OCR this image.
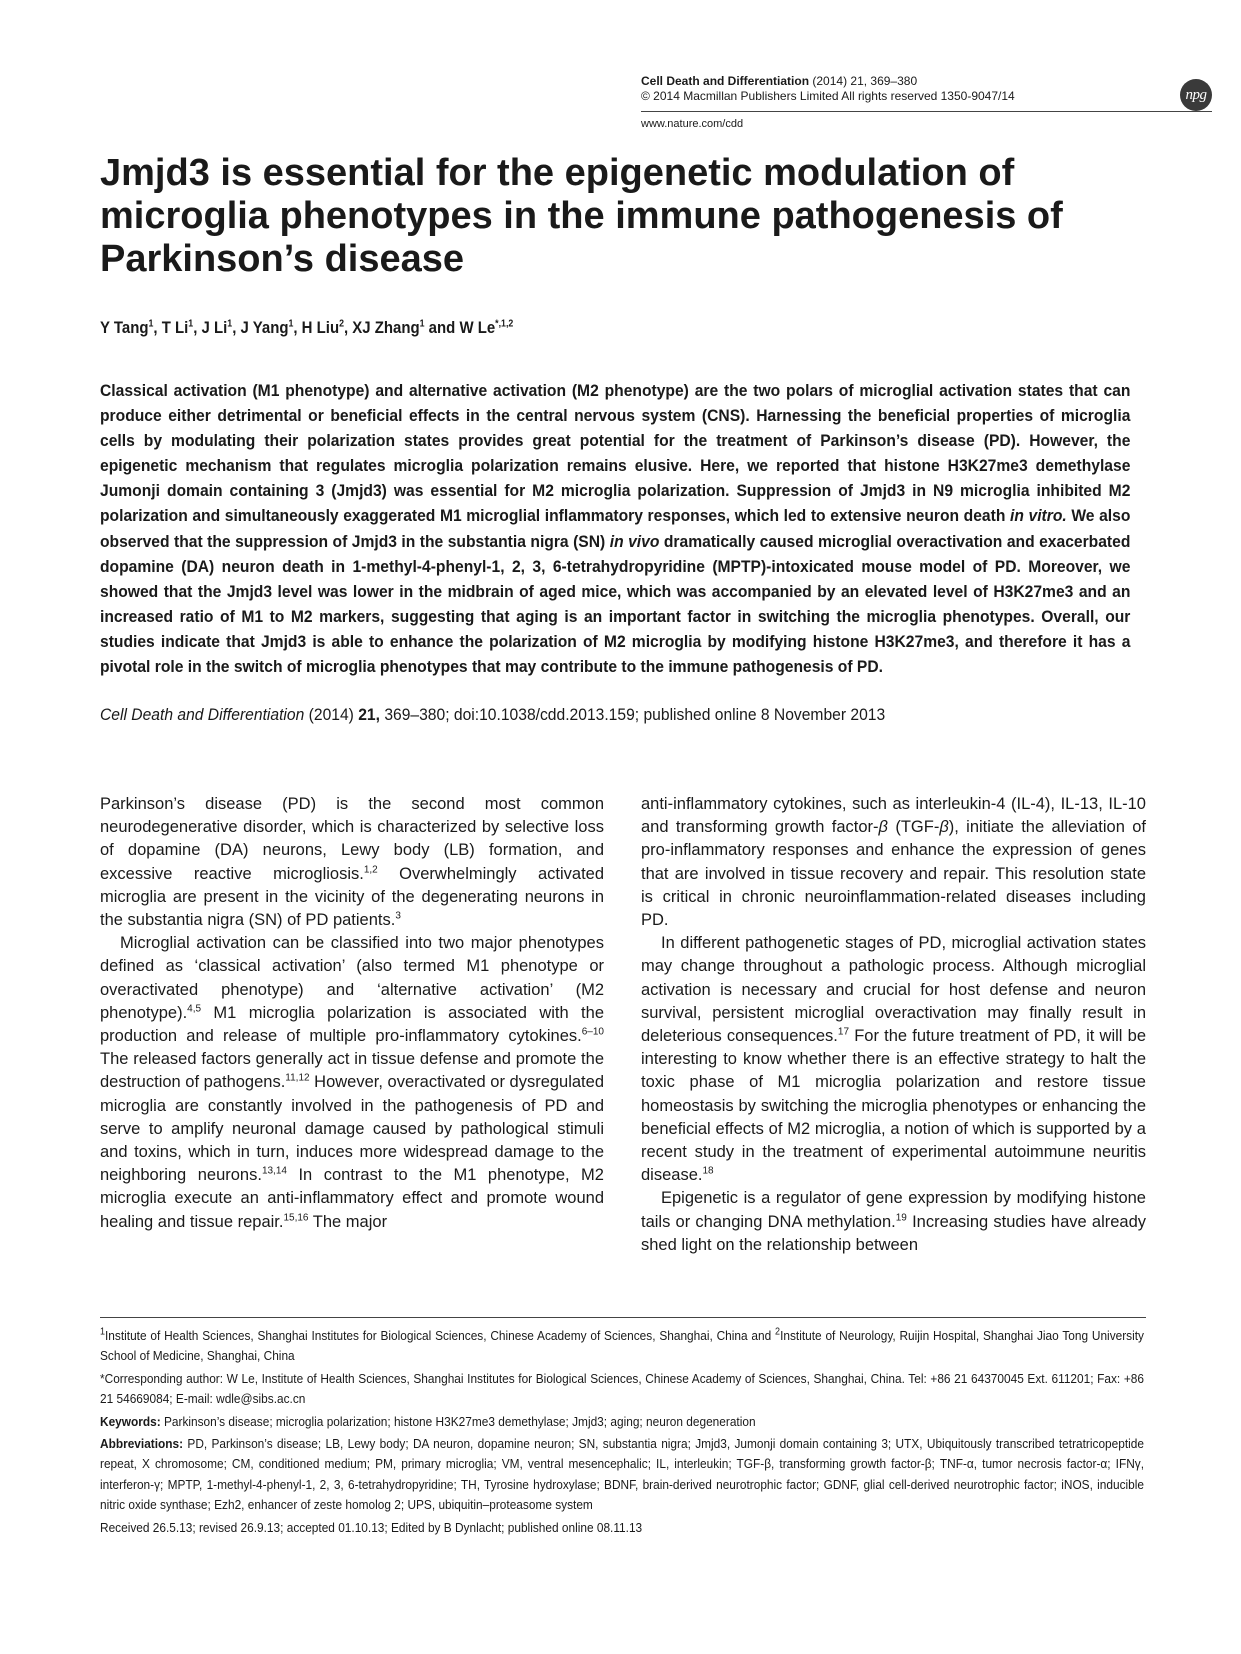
Cell Death and Differentiation (2014) 21, 369–380
© 2014 Macmillan Publishers Limited All rights reserved 1350-9047/14	npg
www.nature.com/cdd
Jmjd3 is essential for the epigenetic modulation of microglia phenotypes in the immune pathogenesis of Parkinson’s disease
Y Tang$^1$, T Li$^1$, J Li$^1$, J Yang$^1$, H Liu$^2$, XJ Zhang$^1$ and W $Le^{*,1,2}$
Classical activation (M1 phenotype) and alternative activation (M2 phenotype) are the two polars of microglial activation states that can produce either detrimental or beneficial effects in the central nervous system (CNS). Harnessing the beneficial properties of microglia cells by modulating their polarization states provides great potential for the treatment of Parkinson’s disease (PD). However, the epigenetic mechanism that regulates microglia polarization remains elusive. Here, we reported that histone H3K27me3 demethylase Jumonji domain containing 3 (Jmjd3) was essential for M2 microglia polarization. Suppression of Jmjd3 in N9 microglia inhibited M2 polarization and simultaneously exaggerated M1 microglial inflammatory responses, which led to extensive neuron death in vitro. We also observed that the suppression of Jmjd3 in the substantia nigra (SN) in vivo dramatically caused microglial overactivation and exacerbated dopamine (DA) neuron death in 1-methyl-4-phenyl-1, 2, 3, 6-tetrahydropyridine (MPTP)-intoxicated mouse model of PD. Moreover, we showed that the Jmjd3 level was lower in the midbrain of aged mice, which was accompanied by an elevated level of H3K27me3 and an increased ratio of M1 to M2 markers, suggesting that aging is an important factor in switching the microglia phenotypes. Overall, our studies indicate that Jmjd3 is able to enhance the polarization of M2 microglia by modifying histone H3K27me3, and therefore it has a pivotal role in the switch of microglia phenotypes that may contribute to the immune pathogenesis of PD.
Cell Death and Differentiation (2014) 21, 369–380; doi:10.1038/cdd.2013.159; published online 8 November 2013

Parkinson’s disease (PD) is the second most common neurodegenerative disorder, which is characterized by selective loss of dopamine (DA) neurons, Lewy body (LB) formation, and excessive reactive microgliosis.$^{1,2}$ Overwhelmingly activated microglia are present in the vicinity of the degenerating neurons in the substantia nigra (SN) of PD patients.$^3$

Microglial activation can be classified into two major phenotypes defined as ‘classical activation’ (also termed M1 phenotype or overactivated phenotype) and ‘alternative activation’ (M2 phenotype).$^{4,5}$ M1 microglia polarization is associated with the production and release of multiple pro-inflammatory cytokines.$^{6-10}$ The released factors generally act in tissue defense and promote the destruction of pathogens.$^{11,12}$ However, overactivated or dysregulated microglia are constantly involved in the pathogenesis of PD and serve to amplify neuronal damage caused by pathological stimuli and toxins, which in turn, induces more widespread damage to the neighboring neurons.$^{13,14}$ In contrast to the M1 phenotype, M2 microglia execute an anti-inflammatory effect and promote wound healing and tissue repair.$^{15,16}$ The major

anti-inflammatory cytokines, such as interleukin-4 (IL-4), IL-13, IL-10 and transforming growth factor-β (TGF-β), initiate the alleviation of pro-inflammatory responses and enhance the expression of genes that are involved in tissue recovery and repair. This resolution state is critical in chronic neuroinflammation-related diseases including PD.

In different pathogenetic stages of PD, microglial activation states may change throughout a pathologic process. Although microglial activation is necessary and crucial for host defense and neuron survival, persistent microglial overactivation may finally result in deleterious consequences.$^{17}$ For the future treatment of PD, it will be interesting to know whether there is an effective strategy to halt the toxic phase of M1 microglia polarization and restore tissue homeostasis by switching the microglia phenotypes or enhancing the beneficial effects of M2 microglia, a notion of which is supported by a recent study in the treatment of experimental autoimmune neuritis disease.$^{18}$

Epigenetic is a regulator of gene expression by modifying histone tails or changing DNA methylation.$^{19}$ Increasing studies have already shed light on the relationship between

$^1$Institute of Health Sciences, Shanghai Institutes for Biological Sciences, Chinese Academy of Sciences, Shanghai, China and $^2$Institute of Neurology, Ruijin Hospital, Shanghai Jiao Tong University School of Medicine, Shanghai, China

*Corresponding author: W Le, Institute of Health Sciences, Shanghai Institutes for Biological Sciences, Chinese Academy of Sciences, Shanghai, China. Tel: +86 21 64370045 Ext. 611201; Fax: +86 21 54669084; E-mail: wdle@sibs.ac.cn

Keywords: Parkinson’s disease; microglia polarization; histone H3K27me3 demethylase; Jmjd3; aging; neuron degeneration

Abbreviations: PD, Parkinson’s disease; LB, Lewy body; DA neuron, dopamine neuron; SN, substantia nigra; Jmjd3, Jumonji domain containing 3; UTX, Ubiquitously transcribed tetratricopeptide repeat, X chromosome; CM, conditioned medium; PM, primary microglia; VM, ventral mesencephalic; IL, interleukin; TGF-β, transforming growth factor-β; TNF-α, tumor necrosis factor-α; IFNγ, interferon-γ; MPTP, 1-methyl-4-phenyl-1, 2, 3, 6-tetrahydropyridine; TH, Tyrosine hydroxylase; BDNF, brain-derived neurotrophic factor; GDNF, glial cell-derived neurotrophic factor; iNOS, inducible nitric oxide synthase; Ezh2, enhancer of zeste homolog 2; UPS, ubiquitin–proteasome system

Received 26.5.13; revised 26.9.13; accepted 01.10.13; Edited by B Dynlacht; published online 08.11.13
